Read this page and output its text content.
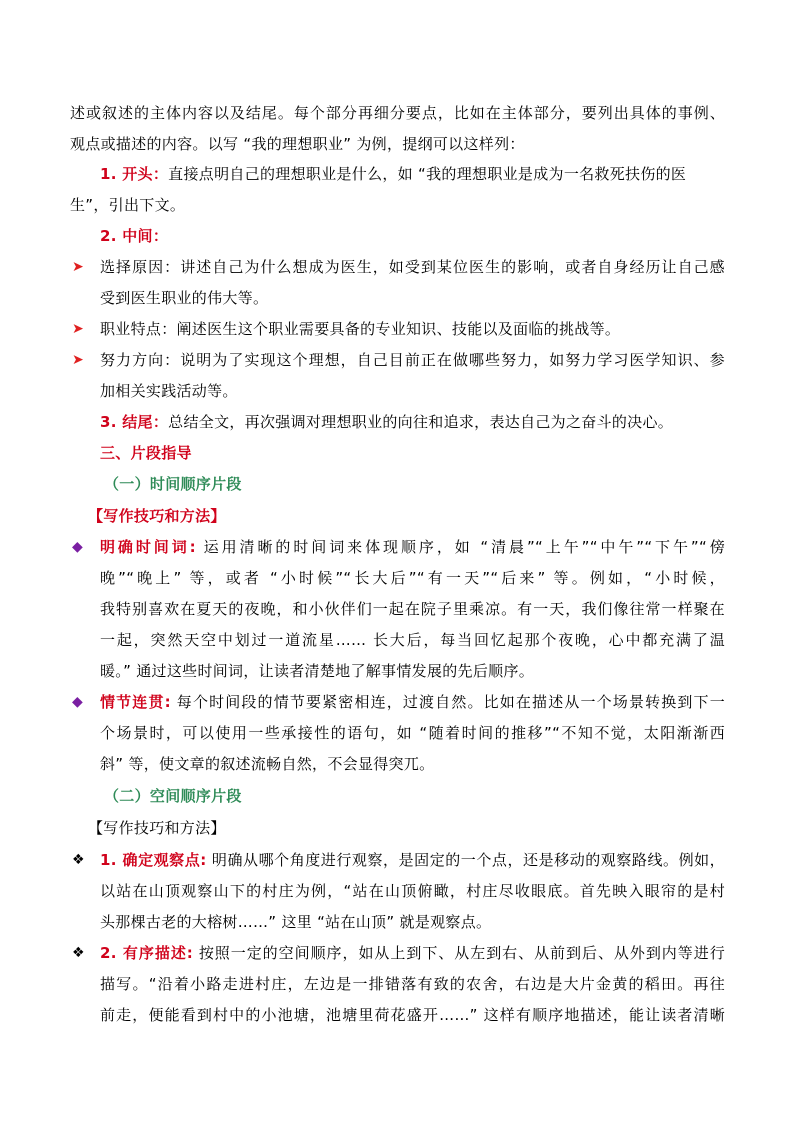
述或叙述的主体内容以及结尾。每个部分再细分要点，比如在主体部分，要列出具体的事例、
观点或描述的内容。以写 “我的理想职业” 为例，提纲可以这样列：
1. 开头：直接点明自己的理想职业是什么，如 “我的理想职业是成为一名救死扶伤的医
生”，引出下文。
2. 中间：
➤ 选择原因：讲述自己为什么想成为医生，如受到某位医生的影响，或者自身经历让自己感
受到医生职业的伟大等。
➤ 职业特点：阐述医生这个职业需要具备的专业知识、技能以及面临的挑战等。
➤ 努力方向：说明为了实现这个理想，自己目前正在做哪些努力，如努力学习医学知识、参
加相关实践活动等。
3. 结尾：总结全文，再次强调对理想职业的向往和追求，表达自己为之奋斗的决心。
三、片段指导
（一）时间顺序片段
【写作技巧和方法】
◆ 明确时间词: 运用清晰的时间词来体现顺序，如 “清晨”“上午”“中午”“下午”“傍
晚”“晚上” 等，或者 “小时候”“长大后”“有一天”“后来” 等。例如，“小时候，
我特别喜欢在夏天的夜晚，和小伙伴们一起在院子里乘凉。有一天，我们像往常一样聚在
一起，突然天空中划过一道流星…… 长大后，每当回忆起那个夜晚，心中都充满了温
暖。” 通过这些时间词，让读者清楚地了解事情发展的先后顺序。
◆ 情节连贯: 每个时间段的情节要紧密相连，过渡自然。比如在描述从一个场景转换到下一
个场景时，可以使用一些承接性的语句，如 “随着时间的推移”“不知不觉，太阳渐渐西
斜” 等，使文章的叙述流畅自然，不会显得突兀。
（二）空间顺序片段
【写作技巧和方法】
❖ 1. 确定观察点: 明确从哪个角度进行观察，是固定的一个点，还是移动的观察路线。例如，
以站在山顶观察山下的村庄为例，“站在山顶俯瞰，村庄尽收眼底。首先映入眼帘的是村
头那棵古老的大榕树……” 这里 “站在山顶” 就是观察点。
❖ 2. 有序描述: 按照一定的空间顺序，如从上到下、从左到右、从前到后、从外到内等进行
描写。“沿着小路走进村庄，左边是一排错落有致的农舍，右边是大片金黄的稻田。再往
前走，便能看到村中的小池塘，池塘里荷花盛开……” 这样有顺序地描述，能让读者清晰
